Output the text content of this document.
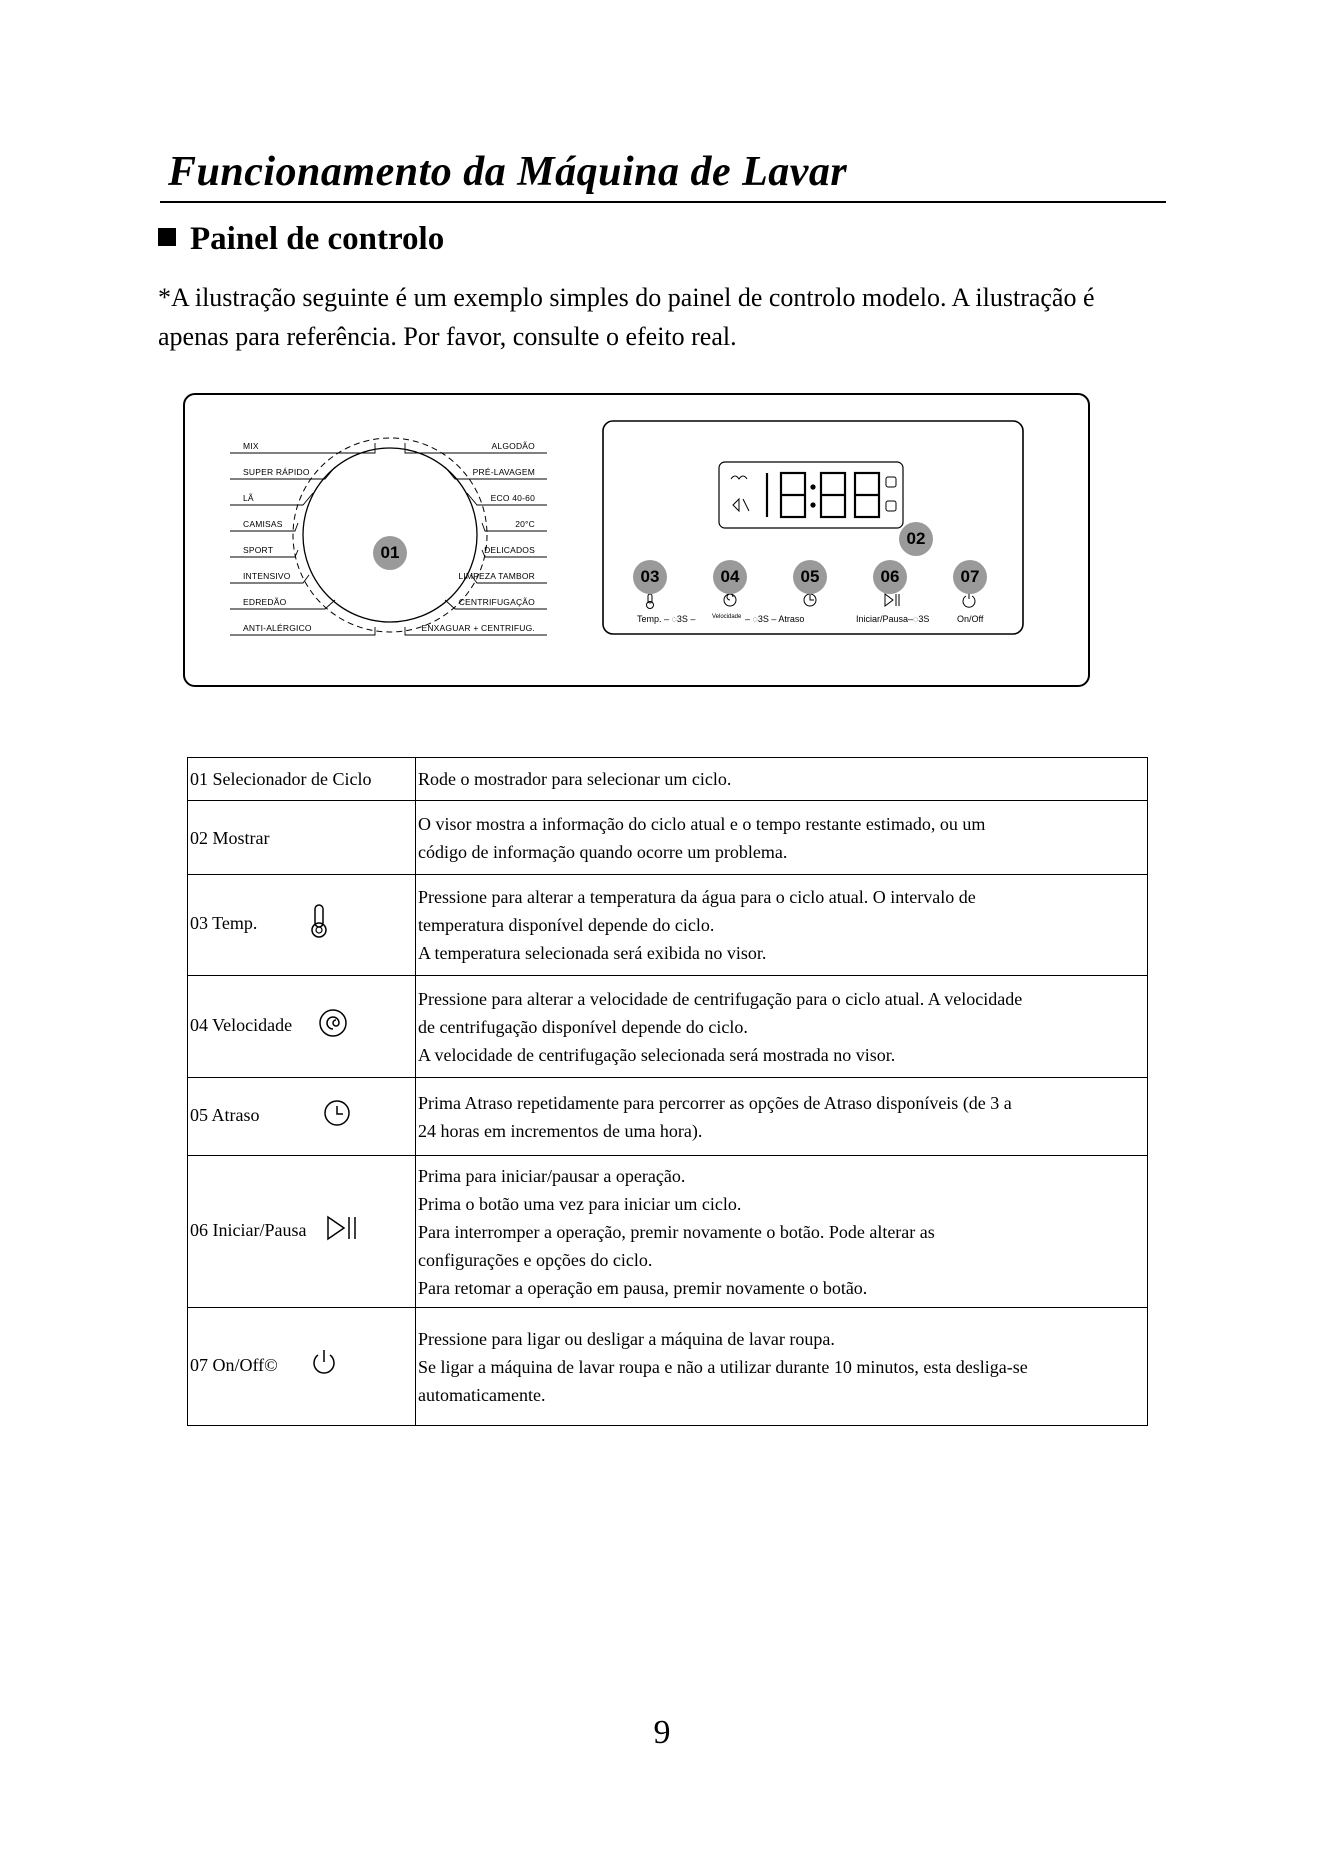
Funcionamento da Máquina de Lavar
Painel de controlo

*A ilustração seguinte é um exemplo simples do painel de controlo modelo. A ilustração é apenas para referência. Por favor, consulte o efeito real.

MIX
SUPER RÁPIDO
LÃ
CAMISAS
SPORT
INTENSIVO
EDREDÃO
ANTI-ALÉRGICO
ALGODÃO
PRÉ-LAVAGEM
ECO 40-60
20°C
DELICADOS
LIMPEZA TAMBOR
CENTRIFUGAÇÃO
ENXAGUAR + CENTRIFUG.
01
02
03	04	05	06	07
Temp. – ◌3S –	Velocidade – ◌3S – Atraso	Iniciar/Pausa–◌3S	On/Off
01 Selecionador de Ciclo	Rode o mostrador para selecionar um ciclo.

02 Mostrar	O visor mostra a informação do ciclo atual e o tempo restante estimado, ou um
código de informação quando ocorre um problema.

03 Temp.	Pressione para alterar a temperatura da água para o ciclo atual. O intervalo de
temperatura disponível depende do ciclo.
A temperatura selecionada será exibida no visor.

04 Velocidade	Pressione para alterar a velocidade de centrifugação para o ciclo atual. A velocidade
de centrifugação disponível depende do ciclo.
A velocidade de centrifugação selecionada será mostrada no visor.

05 Atraso	Prima Atraso repetidamente para percorrer as opções de Atraso disponíveis (de 3 a
24 horas em incrementos de uma hora).

06 Iniciar/Pausa	Prima para iniciar/pausar a operação.
Prima o botão uma vez para iniciar um ciclo.
Para interromper a operação, premir novamente o botão. Pode alterar as
configurações e opções do ciclo.
Para retomar a operação em pausa, premir novamente o botão.

07 On/Off©	Pressione para ligar ou desligar a máquina de lavar roupa.
Se ligar a máquina de lavar roupa e não a utilizar durante 10 minutos, esta desliga-se
automaticamente.
9
